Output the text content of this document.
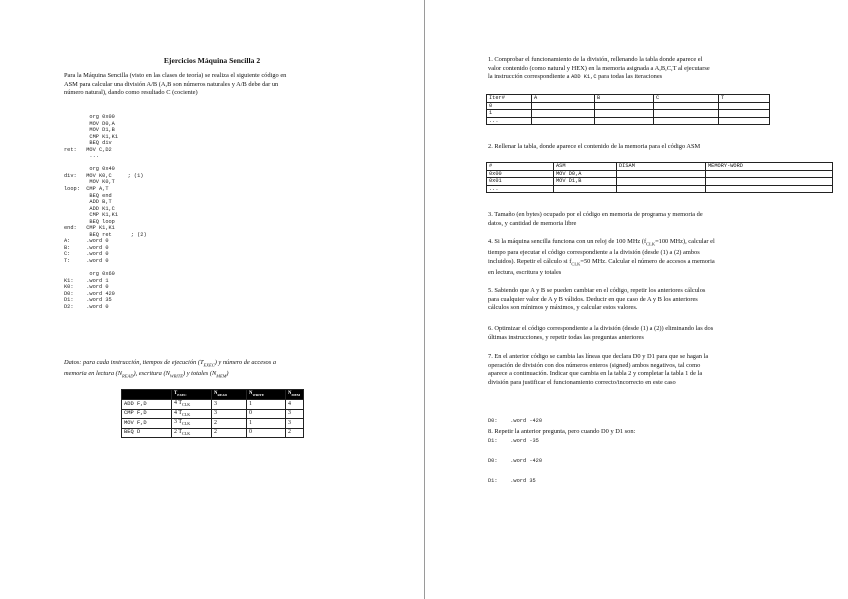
Ejercicios Máquina Sencilla 2
Para la Máquina Sencilla (visto en las clases de teoría) se realiza el siguiente código en
ASM para calcular una división A/B (A,B son números naturales y A/B debe dar un
número natural), dando como resultado C (cociente)
org 0x00
MOV D0,A
MOV D1,B
CMP K1,K1
BEQ div
ret:   MOV C,D2
...
org 0x40
div:   MOV K0,C     ; (1)
MOV K0,T
loop:  CMP A,T
BEQ end
ADD B,T
ADD K1,C
CMP K1,K1
BEQ loop
end:   CMP K1,K1
BEQ ret      ; (2)
A:     .word 0
B:     .word 0
C:     .word 0
T:     .word 0
org 0x60
K1:    .word 1
K0:    .word 0
D0:    .word 420
D1:    .word 35
D2:    .word 0
Datos: para cada instrucción, tiempos de ejecución $(T_{EXEC})$ y número de accesos a
memoria en lectura $(N_{READ})$, escritura $(N_{WRITE})$ y totales $(N_{MEM})$
	$T_{EXEC}$	$N_{READ}$	$N_{WRITE}$	$N_{MEM}$
ADD F,D	4 $T_{CLK}$	3	1	4
CMP F,D	4 $T_{CLK}$	3	0	3
MOV F,D	3 $T_{CLK}$	2	1	3
BEQ D	2 $T_{CLK}$	2	0	2
1. Comprobar el funcionamiento de la división, rellenando la tabla donde aparece el
valor contenido (como natural y HEX) en la memoria asignada a A,B,C,T al ejecutarse
la instrucción correspondiente a ADD K1,C para todas las iteraciones
Iter#	A	B	C	T
0				
1				
...				
2. Rellenar la tabla, donde aparece el contenido de la memoria para el código ASM
#	ASM	DISAM	MEMORY-WORD
0x00	MOV D0,A		
0x01	MOV D1,B		
...			
3. Tamaño (en bytes) ocupado por el código en memoria de programa y memoria de
datos, y cantidad de memoria libre
4. Si la máquina sencilla funciona con un reloj de 100 MHz ($f_{CLK}=100$ MHz), calcular el
tiempo para ejecutar el código correspondiente a la división (desde (1) a (2) ambos
incluidos). Repetir el cálculo si $f_{CLK}=50$ MHz. Calcular el número de accesos a memoria
en lectura, escritura y totales
5. Sabiendo que A y B se pueden cambiar en el código, repetir los anteriores cálculos
para cualquier valor de A y B válidos. Deducir en que caso de A y B los anteriores
cálculos son mínimos y máximos, y calcular estos valores.
6. Optimizar el código correspondiente a la división (desde (1) a (2)) eliminando las dos
últimas instrucciones, y repetir todas las preguntas anteriores
7. En el anterior código se cambia las líneas que declara D0 y D1 para que se hagan la
operación de división con dos números enteros (signed) ambos negativos, tal como
aparece a continuación. Indicar que cambia en la tabla 2 y completar la tabla 1 de la
división para justificar el funcionamiento correcto/incorrecto en este caso

D0:    .word -420

D1:    .word -35

8. Repetir la anterior pregunta, pero cuando D0 y D1 son:

D0:    .word -420

D1:    .word 35
